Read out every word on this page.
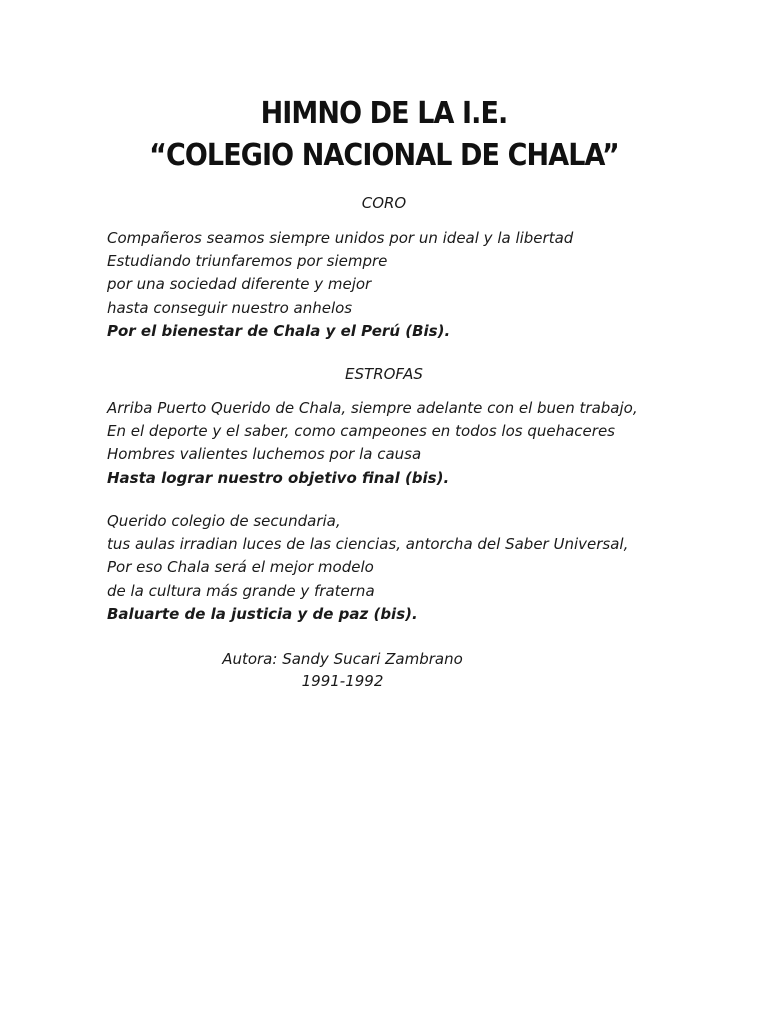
HIMNO DE LA I.E.
“COLEGIO NACIONAL DE CHALA”
CORO
Compañeros seamos siempre unidos por un ideal y la libertad
Estudiando triunfaremos por siempre
por una sociedad diferente y mejor
hasta conseguir nuestro anhelos
Por el bienestar de Chala y el Perú (Bis).
ESTROFAS
Arriba Puerto Querido de Chala, siempre adelante con el buen trabajo,
En el deporte y el saber, como campeones en todos los quehaceres
Hombres valientes luchemos por la causa
Hasta lograr nuestro objetivo final (bis).
Querido colegio de secundaria,
tus aulas irradian luces de las ciencias, antorcha del Saber Universal,
Por eso Chala será el mejor modelo
de la cultura más grande y fraterna
Baluarte de la justicia y de paz (bis).
Autora: Sandy Sucari Zambrano
1991-1992
